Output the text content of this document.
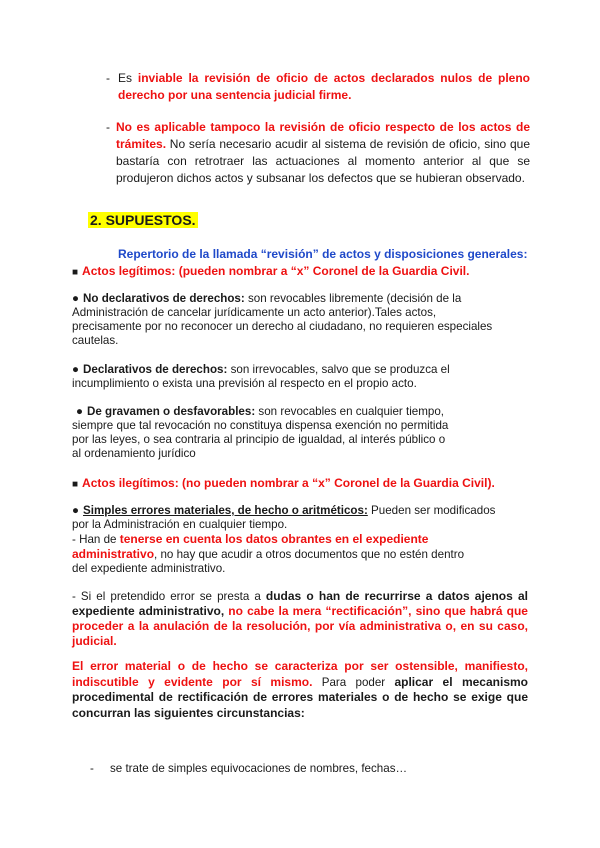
- Es inviable la revisión de oficio de actos declarados nulos de pleno derecho por una sentencia judicial firme.
- No es aplicable tampoco la revisión de oficio respecto de los actos de trámites. No sería necesario acudir al sistema de revisión de oficio, sino que bastaría con retrotraer las actuaciones al momento anterior al que se produjeron dichos actos y subsanar los defectos que se hubieran observado.
2. SUPUESTOS.
Repertorio de la llamada “revisión” de actos y disposiciones generales:
■ Actos legítimos: (pueden nombrar a “x” Coronel de la Guardia Civil.
● No declarativos de derechos: son revocables libremente (decisión de la
Administración de cancelar jurídicamente un acto anterior).Tales actos,
precisamente por no reconocer un derecho al ciudadano, no requieren especiales
cautelas.
● Declarativos de derechos: son irrevocables, salvo que se produzca el
incumplimiento o exista una previsión al respecto en el propio acto.
● De gravamen o desfavorables: son revocables en cualquier tiempo,
siempre que tal revocación no constituya dispensa exención no permitida
por las leyes, o sea contraria al principio de igualdad, al interés público o
al ordenamiento jurídico
■ Actos ilegítimos: (no pueden nombrar a “x” Coronel de la Guardia Civil).
● Simples errores materiales, de hecho o aritméticos: Pueden ser modificados
por la Administración en cualquier tiempo.
- Han de tenerse en cuenta los datos obrantes en el expediente
administrativo, no hay que acudir a otros documentos que no estén dentro
del expediente administrativo.
- Si el pretendido error se presta a dudas o han de recurrirse a datos ajenos al expediente administrativo, no cabe la mera “rectificación”, sino que habrá que proceder a la anulación de la resolución, por vía administrativa o, en su caso, judicial.
El error material o de hecho se caracteriza por ser ostensible, manifiesto, indiscutible y evidente por sí mismo. Para poder aplicar el mecanismo procedimental de rectificación de errores materiales o de hecho se exige que concurran las siguientes circunstancias:
- se trate de simples equivocaciones de nombres, fechas…
